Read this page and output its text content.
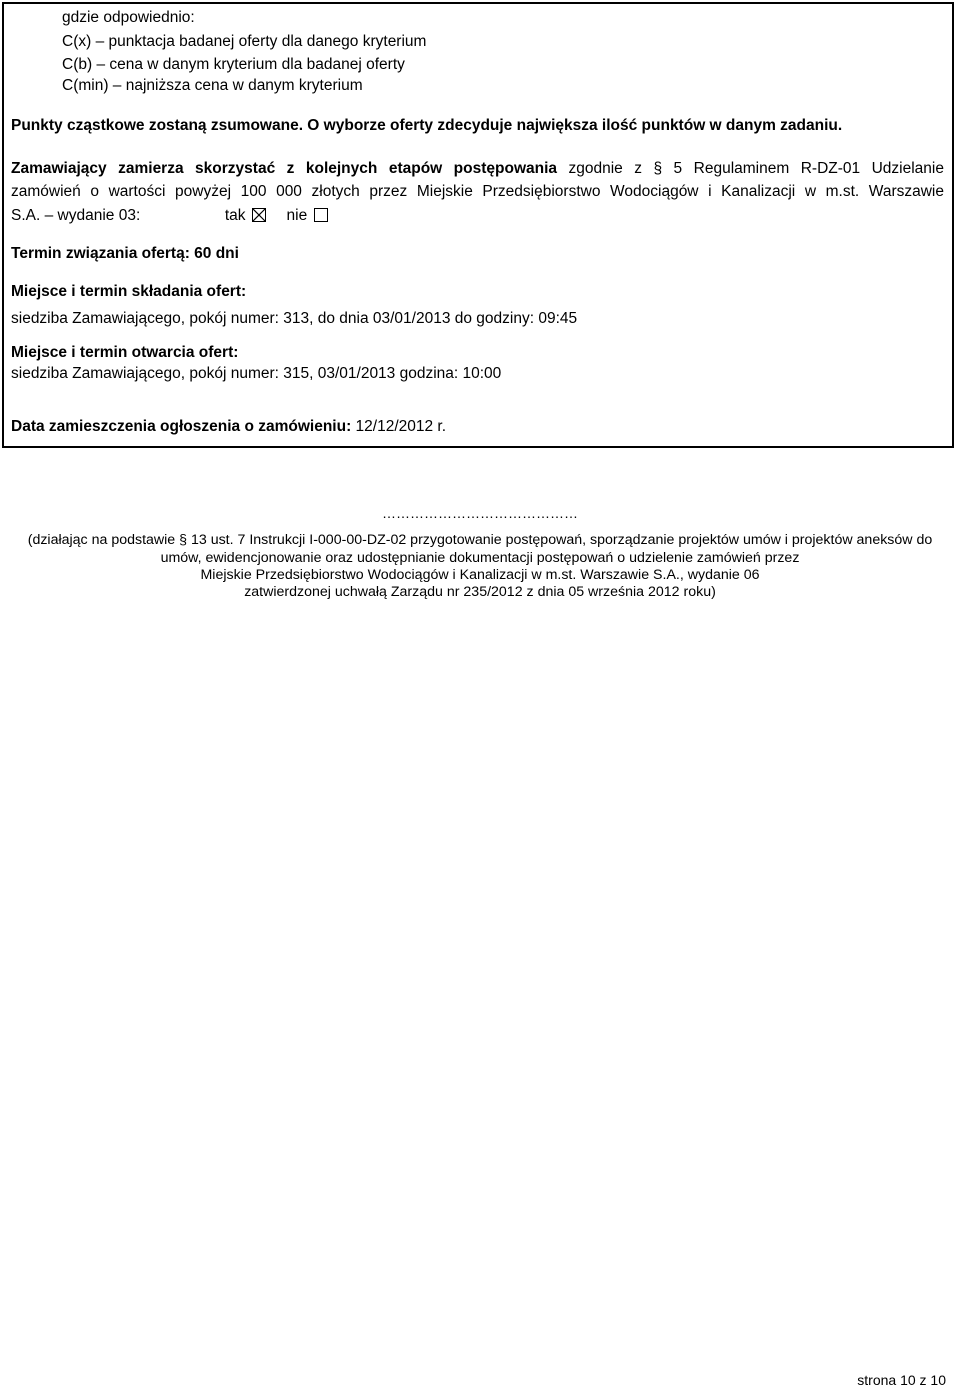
gdzie odpowiednio:
C(x) – punktacja badanej oferty dla danego kryterium
C(b) – cena w danym kryterium dla badanej oferty
C(min) – najniższa cena w danym kryterium
Punkty cząstkowe zostaną zsumowane. O wyborze oferty zdecyduje największa ilość punktów w danym zadaniu.
Zamawiający zamierza skorzystać z kolejnych etapów postępowania zgodnie z § 5 Regulaminem R-DZ-01 Udzielanie
zamówień o wartości powyżej 100 000 złotych przez Miejskie Przedsiębiorstwo Wodociągów i Kanalizacji w m.st. Warszawie
S.A. – wydanie 03:	tak	nie
Termin związania ofertą: 60 dni
Miejsce i termin składania ofert:
siedziba Zamawiającego, pokój numer: 313, do dnia 03/01/2013 do godziny: 09:45
Miejsce i termin otwarcia ofert:
siedziba Zamawiającego, pokój numer: 315, 03/01/2013 godzina: 10:00
Data zamieszczenia ogłoszenia o zamówieniu: 12/12/2012 r.
……………………………………
(działając na podstawie § 13 ust. 7 Instrukcji I-000-00-DZ-02 przygotowanie postępowań, sporządzanie projektów umów i projektów aneksów do
umów, ewidencjonowanie oraz udostępnianie dokumentacji postępowań o udzielenie zamówień przez
Miejskie Przedsiębiorstwo Wodociągów i Kanalizacji w m.st. Warszawie S.A., wydanie 06
zatwierdzonej uchwałą Zarządu nr 235/2012 z dnia 05 września 2012 roku)
strona 10 z 10
